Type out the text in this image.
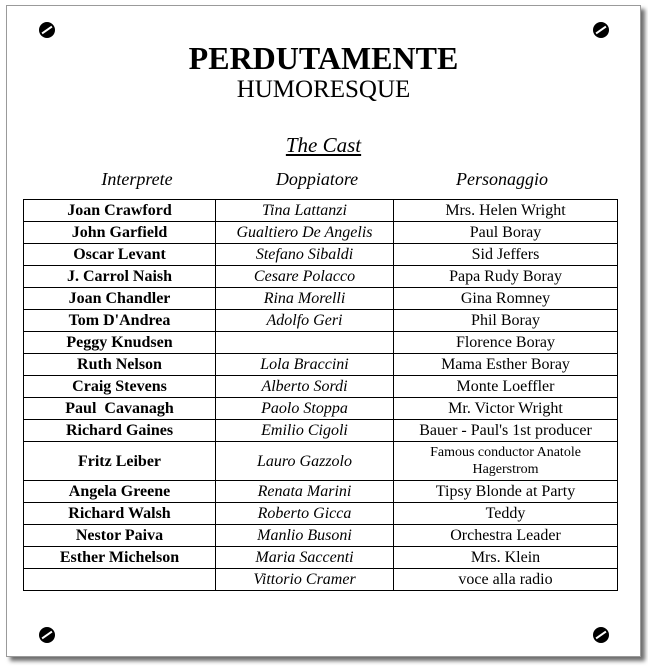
PERDUTAMENTE
HUMORESQUE
The Cast
Interprete	Doppiatore	Personaggio
Joan Crawford	Tina Lattanzi	Mrs. Helen Wright
John Garfield	Gualtiero De Angelis	Paul Boray
Oscar Levant	Stefano Sibaldi	Sid Jeffers
J. Carrol Naish	Cesare Polacco	Papa Rudy Boray
Joan Chandler	Rina Morelli	Gina Romney
Tom D'Andrea	Adolfo Geri	Phil Boray
Peggy Knudsen		Florence Boray
Ruth Nelson	Lola Braccini	Mama Esther Boray
Craig Stevens	Alberto Sordi	Monte Loeffler
Paul  Cavanagh	Paolo Stoppa	Mr. Victor Wright
Richard Gaines	Emilio Cigoli	Bauer - Paul's 1st producer
Fritz Leiber	Lauro Gazzolo	Famous conductor Anatole Hagerstrom
Angela Greene	Renata Marini	Tipsy Blonde at Party
Richard Walsh	Roberto Gicca	Teddy
Nestor Paiva	Manlio Busoni	Orchestra Leader
Esther Michelson	Maria Saccenti	Mrs. Klein
	Vittorio Cramer	voce alla radio
